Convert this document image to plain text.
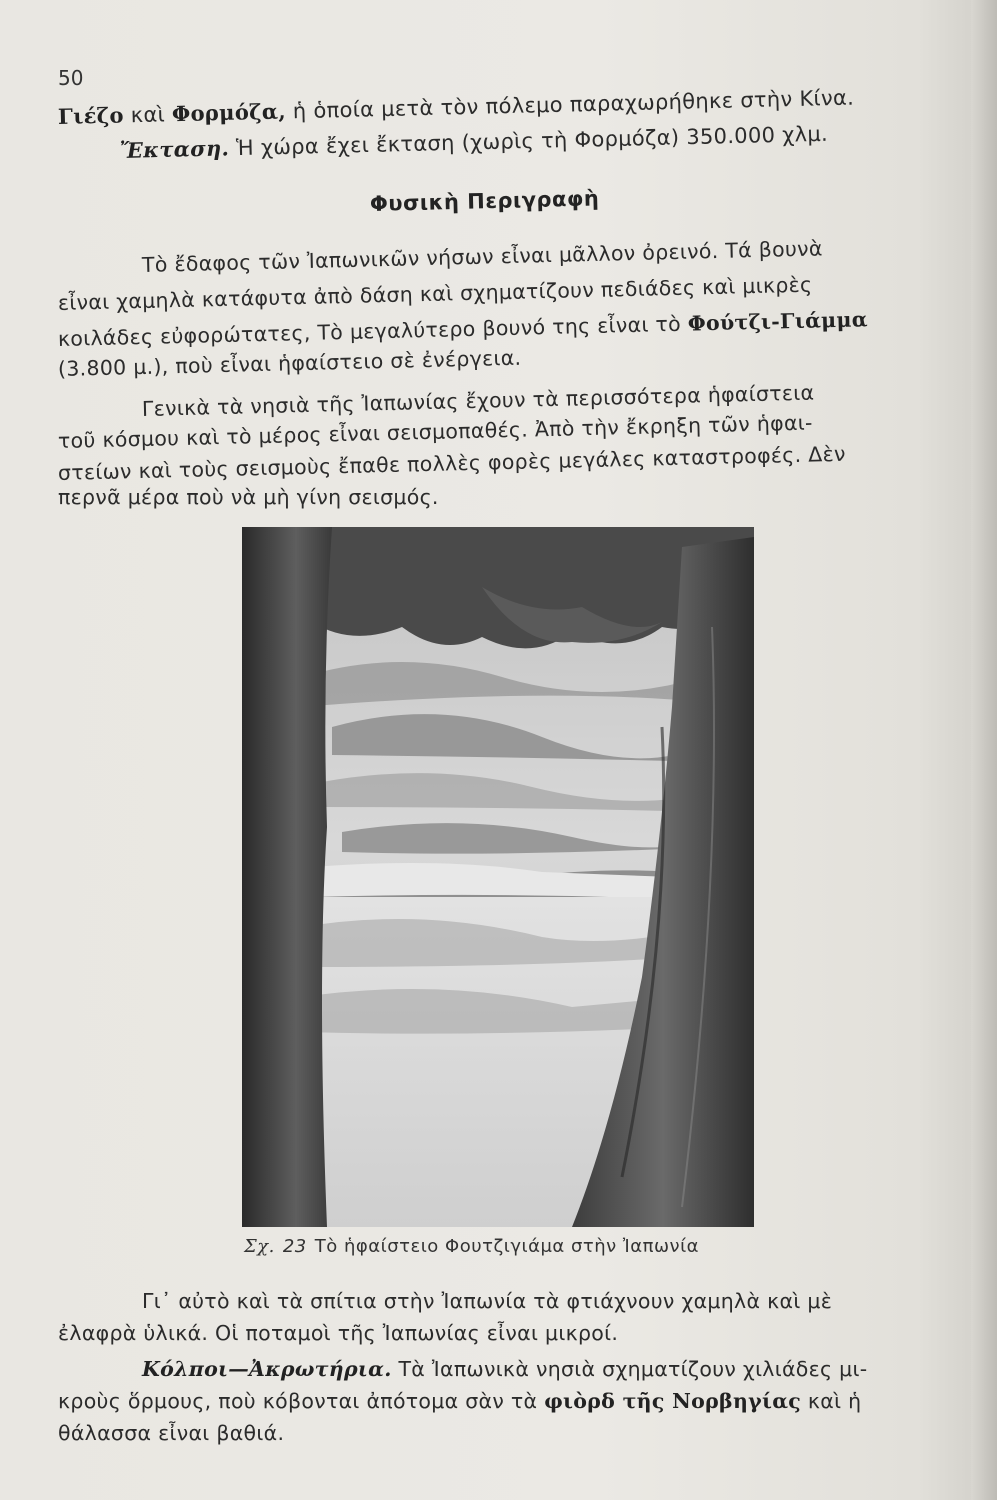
50
Γιέζο καὶ Φορμόζα, ἡ ὁποία μετὰ τὸν πόλεμο παραχωρήθηκε στὴν Κίνα.
Ἔκταση. Ἡ χώρα ἔχει ἔκταση (χωρὶς τὴ Φορμόζα) 350.000 χλμ.
Φυσικὴ Περιγραφὴ
Τὸ ἔδαφος τῶν Ἰαπωνικῶν νήσων εἶναι μᾶλλον ὀρεινό. Τά βουνὰ
εἶναι χαμηλὰ κατάφυτα ἀπὸ δάση καὶ σχηματίζουν πεδιάδες καὶ μικρὲς
κοιλάδες εὐφορώτατες, Τὸ μεγαλύτερο βουνό της εἶναι τὸ Φούτζι-Γιάμμα
(3.800 μ.), ποὺ εἶναι ἡφαίστειο σὲ ἐνέργεια.
Γενικὰ τὰ νησιὰ τῆς Ἰαπωνίας ἔχουν τὰ περισσότερα ἡφαίστεια
τοῦ κόσμου καὶ τὸ μέρος εἶναι σεισμοπαθές. Ἀπὸ τὴν ἔκρηξη τῶν ἡφαι-
στείων καὶ τοὺς σεισμοὺς ἔπαθε πολλὲς φορὲς μεγάλες καταστροφές. Δὲν
περνᾶ μέρα ποὺ νὰ μὴ γίνη σεισμός.
Σχ. 23 Τὸ ἡφαίστειο Φουτζιγιάμα στὴν Ἰαπωνία
Γι᾽ αὐτὸ καὶ τὰ σπίτια στὴν Ἰαπωνία τὰ φτιάχνουν χαμηλὰ καὶ μὲ
ἐλαφρὰ ὑλικά. Οἱ ποταμοὶ τῆς Ἰαπωνίας εἶναι μικροί.
Κόλποι—Ἀκρωτήρια. Τὰ Ἰαπωνικὰ νησιὰ σχηματίζουν χιλιάδες μι-
κροὺς ὅρμους, ποὺ κόβονται ἀπότομα σὰν τὰ φιὸρδ τῆς Νορβηγίας καὶ ἡ
θάλασσα εἶναι βαθιά.
